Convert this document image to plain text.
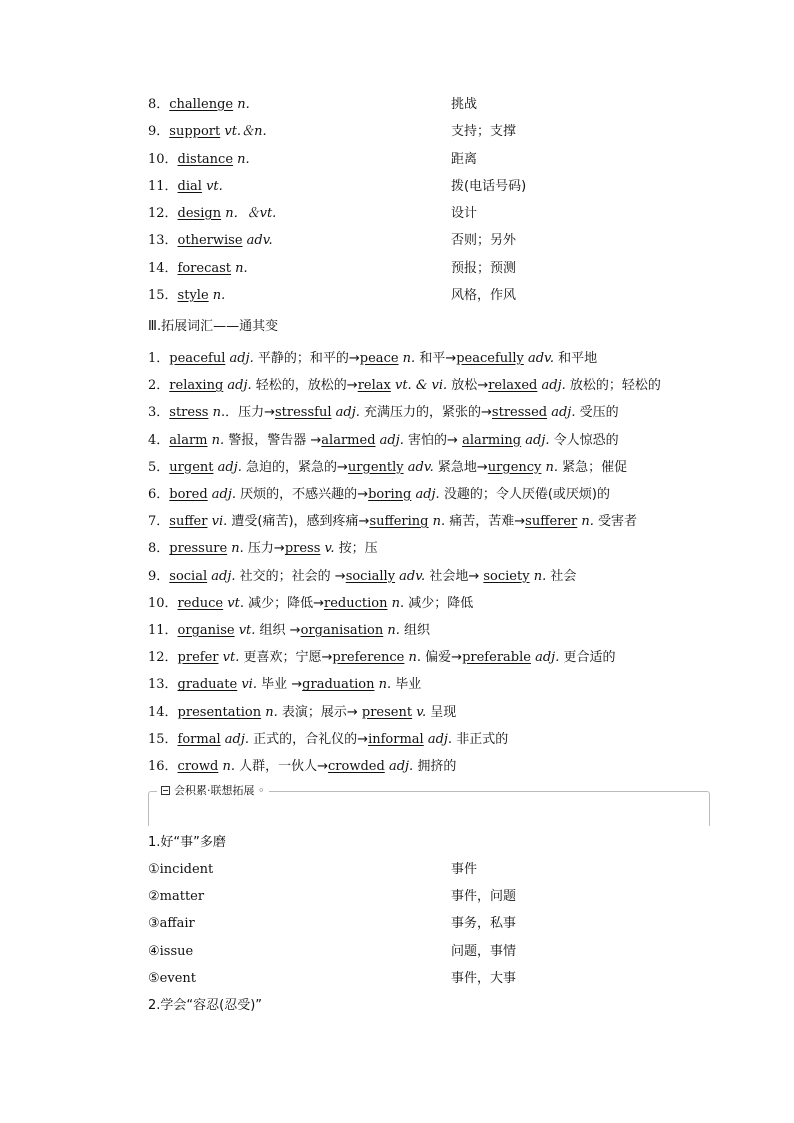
8．challenge n.	挑战
9．support vt.＆n.	支持；支撑
10．distance n.	距离
11．dial vt.	拨(电话号码)
12．design n．＆vt.	设计
13．otherwise adv.	否则；另外
14．forecast n.	预报；预测
15．style n.	风格，作风
Ⅲ.拓展词汇——通其变
1．peaceful adj. 平静的；和平的→peace n. 和平→peacefully adv. 和平地
2．relaxing adj. 轻松的，放松的→relax vt. & vi. 放松→relaxed adj. 放松的；轻松的
3．stress n.．压力→stressful adj. 充满压力的，紧张的→stressed adj. 受压的
4．alarm n. 警报，警告器 →alarmed adj. 害怕的→ alarming adj. 令人惊恐的
5．urgent adj. 急迫的，紧急的→urgently adv. 紧急地→urgency n. 紧急；催促
6．bored adj. 厌烦的，不感兴趣的→boring adj. 没趣的；令人厌倦(或厌烦)的
7．suffer vi. 遭受(痛苦)，感到疼痛→suffering n. 痛苦，苦难→sufferer n. 受害者
8．pressure n. 压力→press v. 按；压
9．social adj. 社交的；社会的 →socially adv. 社会地→ society n. 社会
10．reduce vt. 减少；降低→reduction n. 减少；降低
11．organise vt. 组织 →organisation n. 组织
12．prefer vt. 更喜欢；宁愿→preference n. 偏爱→preferable adj. 更合适的
13．graduate vi. 毕业 →graduation n. 毕业
14．presentation n. 表演；展示→ present v. 呈现
15．formal adj. 正式的，合礼仪的→informal adj. 非正式的
16．crowd n. 人群，一伙人→crowded adj. 拥挤的
会积累·联想拓展 ◦
1.好“事”多磨
①incident	事件
②matter	事件，问题
③affair	事务，私事
④issue	问题，事情
⑤event	事件，大事
2.学会“容忍(忍受)”
